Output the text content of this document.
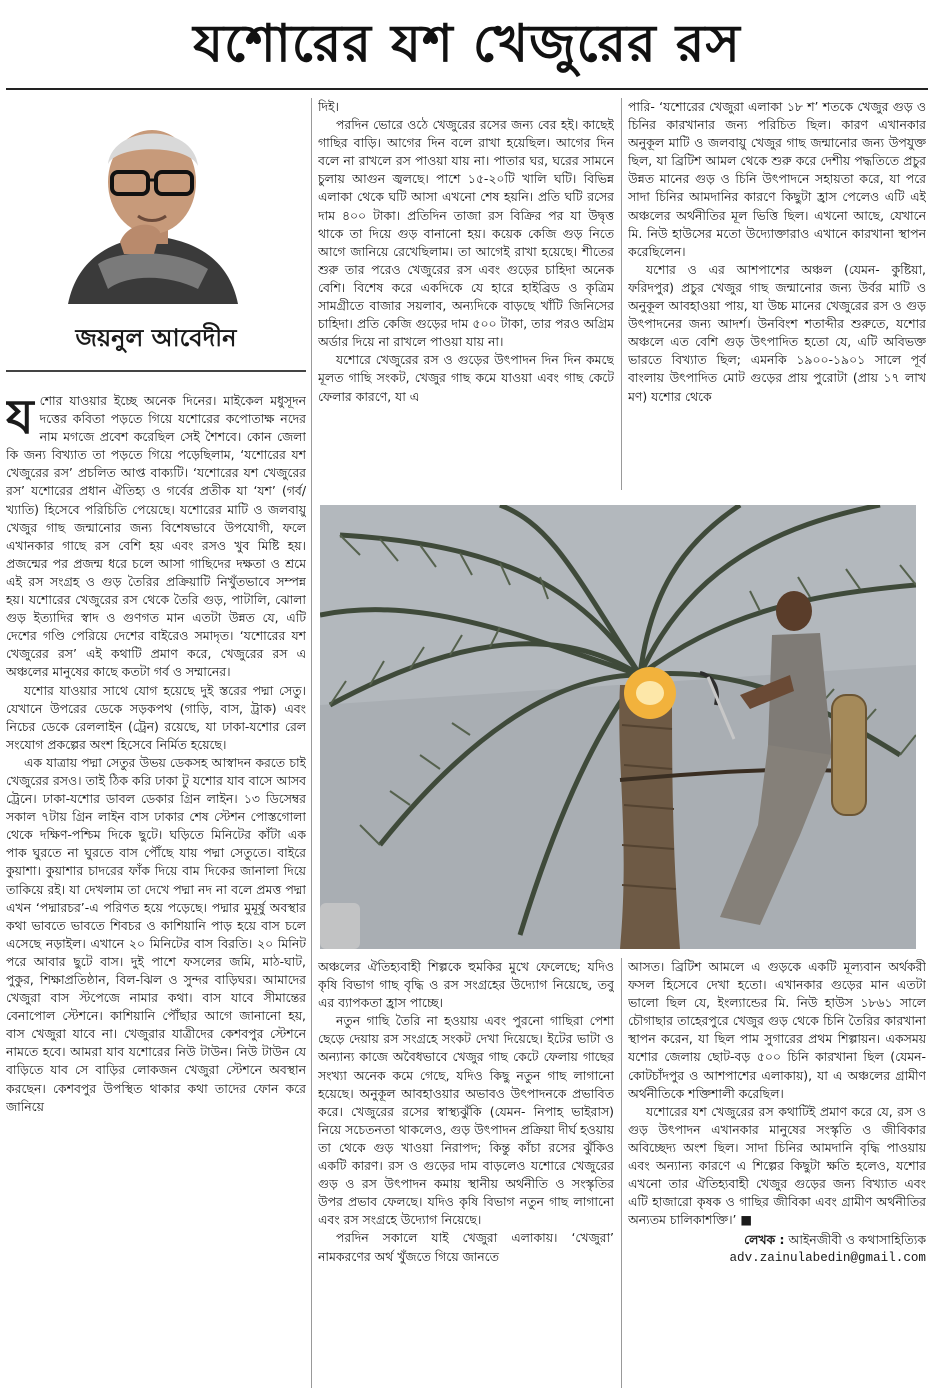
যশোরের যশ খেজুরের রস
জয়নুল আবেদীন

যশোর যাওয়ার ইচ্ছে অনেক দিনের। মাইকেল মধুসূদন দত্তের কবিতা পড়তে গিয়ে যশোরের কপোতাক্ষ নদের নাম মগজে প্রবেশ করেছিল সেই শৈশবে। কোন জেলা কি জন্য বিখ্যাত তা পড়তে গিয়ে পড়েছিলাম, ‘যশোরের যশ খেজুরের রস’ প্রচলিত আপ্ত বাক্যটি। ‘যশোরের যশ খেজুরের রস’ যশোরের প্রধান ঐতিহ্য ও গর্বের প্রতীক যা ‘যশ’ (গর্ব/খ্যাতি) হিসেবে পরিচিতি পেয়েছে। যশোরের মাটি ও জলবায়ু খেজুর গাছ জন্মানোর জন্য বিশেষভাবে উপযোগী, ফলে এখানকার গাছে রস বেশি হয় এবং রসও খুব মিষ্টি হয়। প্রজন্মের পর প্রজন্ম ধরে চলে আসা গাছিদের দক্ষতা ও শ্রমে এই রস সংগ্রহ ও গুড় তৈরির প্রক্রিয়াটি নিখুঁতভাবে সম্পন্ন হয়। যশোরের খেজুরের রস থেকে তৈরি গুড়, পাটালি, ঝোলা গুড় ইত্যাদির স্বাদ ও গুণগত মান এতটা উন্নত যে, এটি দেশের গণ্ডি পেরিয়ে দেশের বাইরেও সমাদৃত। ‘যশোরের যশ খেজুরের রস’ এই কথাটি প্রমাণ করে, খেজুরের রস এ অঞ্চলের মানুষের কাছে কতটা গর্ব ও সম্মানের।

যশোর যাওয়ার সাথে যোগ হয়েছে দুই স্তরের পদ্মা সেতু। যেখানে উপরের ডেকে সড়কপথ (গাড়ি, বাস, ট্রাক) এবং নিচের ডেকে রেললাইন (ট্রেন) রয়েছে, যা ঢাকা-যশোর রেল সংযোগ প্রকল্পের অংশ হিসেবে নির্মিত হয়েছে।

এক যাত্রায় পদ্মা সেতুর উভয় ডেকসহ আস্বাদন করতে চাই খেজুরের রসও। তাই ঠিক করি ঢাকা টু যশোর যাব বাসে আসব ট্রেনে। ঢাকা-যশোর ডাবল ডেকার গ্রিন লাইন। ১৩ ডিসেম্বর সকাল ৭টায় গ্রিন লাইন বাস ঢাকার শেষ স্টেশন পোস্তগোলা থেকে দক্ষিণ-পশ্চিম দিকে ছুটে। ঘড়িতে মিনিটের কাঁটা এক পাক ঘুরতে না ঘুরতে বাস পৌঁছে যায় পদ্মা সেতুতে। বাইরে কুয়াশা। কুয়াশার চাদরের ফাঁক দিয়ে বাম দিকের জানালা দিয়ে তাকিয়ে রই। যা দেখলাম তা দেখে পদ্মা নদ না বলে প্রমত্ত পদ্মা এখন ‘পদ্মারচর’-এ পরিণত হয়ে পড়েছে। পদ্মার মুমূর্ষু অবস্থার কথা ভাবতে ভাবতে শিবচর ও কাশিয়ানি পাড় হয়ে বাস চলে এসেছে নড়াইল। এখানে ২০ মিনিটের বাস বিরতি। ২০ মিনিট পরে আবার ছুটে বাস। দুই পাশে ফসলের জমি, মাঠ-ঘাট, পুকুর, শিক্ষাপ্রতিষ্ঠান, বিল-ঝিল ও সুন্দর বাড়িঘর। আমাদের খেজুরা বাস স্টপেজে নামার কথা। বাস যাবে সীমান্তের বেনাপোল স্টেশনে। কাশিয়ানি পৌঁছার আগে জানানো হয়, বাস খেজুরা যাবে না। খেজুরার যাত্রীদের কেশবপুর স্টেশনে নামতে হবে। আমরা যাব যশোরের নিউ টাউন। নিউ টাউন যে বাড়িতে যাব সে বাড়ির লোকজন খেজুরা স্টেশনে অবস্থান করছেন। কেশবপুর উপস্থিত থাকার কথা তাদের ফোন করে জানিয়ে

দিই।

পরদিন ভোরে ওঠে খেজুরের রসের জন্য বের হই। কাছেই গাছির বাড়ি। আগের দিন বলে রাখা হয়েছিল। আগের দিন বলে না রাখলে রস পাওয়া যায় না। পাতার ঘর, ঘরের সামনে চুলায় আগুন জ্বলছে। পাশে ১৫-২০টি খালি ঘটি। বিভিন্ন এলাকা থেকে ঘটি আসা এখনো শেষ হয়নি। প্রতি ঘটি রসের দাম ৪০০ টাকা। প্রতিদিন তাজা রস বিক্রির পর যা উদ্বৃত্ত থাকে তা দিয়ে গুড় বানানো হয়। কয়েক কেজি গুড় নিতে আগে জানিয়ে রেখেছিলাম। তা আগেই রাখা হয়েছে। শীতের শুরু তার পরেও খেজুরের রস এবং গুড়ের চাহিদা অনেক বেশি। বিশেষ করে একদিকে যে হারে হাইব্রিড ও কৃত্রিম সামগ্রীতে বাজার সয়লাব, অন্যদিকে বাড়ছে খাঁটি জিনিসের চাহিদা। প্রতি কেজি গুড়ের দাম ৫০০ টাকা, তার পরও অগ্রিম অর্ডার দিয়ে না রাখলে পাওয়া যায় না।

যশোরে খেজুরের রস ও গুড়ের উৎপাদন দিন দিন কমছে মূলত গাছি সংকট, খেজুর গাছ কমে যাওয়া এবং গাছ কেটে ফেলার কারণে, যা এ

পারি- ‘যশোরের খেজুরা এলাকা ১৮ শ’ শতকে খেজুর গুড় ও চিনির কারখানার জন্য পরিচিত ছিল। কারণ এখানকার অনুকূল মাটি ও জলবায়ু খেজুর গাছ জন্মানোর জন্য উপযুক্ত ছিল, যা ব্রিটিশ আমল থেকে শুরু করে দেশীয় পদ্ধতিতে প্রচুর উন্নত মানের গুড় ও চিনি উৎপাদনে সহায়তা করে, যা পরে সাদা চিনির আমদানির কারণে কিছুটা হ্রাস পেলেও এটি এই অঞ্চলের অর্থনীতির মূল ভিত্তি ছিল। এখনো আছে, যেখানে মি. নিউ হাউসের মতো উদ্যোক্তারাও এখানে কারখানা স্থাপন করেছিলেন।

যশোর ও এর আশপাশের অঞ্চল (যেমন- কুষ্টিয়া, ফরিদপুর) প্রচুর খেজুর গাছ জন্মানোর জন্য উর্বর মাটি ও অনুকূল আবহাওয়া পায়, যা উচ্চ মানের খেজুরের রস ও গুড় উৎপাদনের জন্য আদর্শ। উনবিংশ শতাব্দীর শুরুতে, যশোর অঞ্চলে এত বেশি গুড় উৎপাদিত হতো যে, এটি অবিভক্ত ভারতে বিখ্যাত ছিল; এমনকি ১৯০০-১৯০১ সালে পূর্ব বাংলায় উৎপাদিত মোট গুড়ের প্রায় পুরোটা (প্রায় ১৭ লাখ মণ) যশোর থেকে

অঞ্চলের ঐতিহ্যবাহী শিল্পকে হুমকির মুখে ফেলেছে; যদিও কৃষি বিভাগ গাছ বৃদ্ধি ও রস সংগ্রহের উদ্যোগ নিয়েছে, তবু এর ব্যাপকতা হ্রাস পাচ্ছে।

নতুন গাছি তৈরি না হওয়ায় এবং পুরনো গাছিরা পেশা ছেড়ে দেয়ায় রস সংগ্রহে সংকট দেখা দিয়েছে। ইটের ভাটা ও অন্যান্য কাজে অবৈধভাবে খেজুর গাছ কেটে ফেলায় গাছের সংখ্যা অনেক কমে গেছে, যদিও কিছু নতুন গাছ লাগানো হয়েছে। অনুকূল আবহাওয়ার অভাবও উৎপাদনকে প্রভাবিত করে। খেজুরের রসের স্বাস্থ্যঝুঁকি (যেমন- নিপাহ ভাইরাস) নিয়ে সচেতনতা থাকলেও, গুড় উৎপাদন প্রক্রিয়া দীর্ঘ হওয়ায় তা থেকে গুড় খাওয়া নিরাপদ; কিন্তু কাঁচা রসের ঝুঁকিও একটি কারণ। রস ও গুড়ের দাম বাড়লেও যশোরে খেজুরের গুড় ও রস উৎপাদন কমায় স্থানীয় অর্থনীতি ও সংস্কৃতির উপর প্রভাব ফেলছে। যদিও কৃষি বিভাগ নতুন গাছ লাগানো এবং রস সংগ্রহে উদ্যোগ নিয়েছে।

পরদিন সকালে যাই খেজুরা এলাকায়। ‘খেজুরা’ নামকরণের অর্থ খুঁজতে গিয়ে জানতে

আসত। ব্রিটিশ আমলে এ গুড়কে একটি মূল্যবান অর্থকরী ফসল হিসেবে দেখা হতো। এখানকার গুড়ের মান এতটা ভালো ছিল যে, ইংল্যান্ডের মি. নিউ হাউস ১৮৬১ সালে চৌগাছার তাহেরপুরে খেজুর গুড় থেকে চিনি তৈরির কারখানা স্থাপন করেন, যা ছিল পাম সুগারের প্রথম শিল্পায়ন। একসময় যশোর জেলায় ছোট-বড় ৫০০ চিনি কারখানা ছিল (যেমন- কোটচাঁদপুর ও আশপাশের এলাকায়), যা এ অঞ্চলের গ্রামীণ অর্থনীতিকে শক্তিশালী করেছিল।

যশোরের যশ খেজুরের রস কথাটিই প্রমাণ করে যে, রস ও গুড় উৎপাদন এখানকার মানুষের সংস্কৃতি ও জীবিকার অবিচ্ছেদ্য অংশ ছিল। সাদা চিনির আমদানি বৃদ্ধি পাওয়ায় এবং অন্যান্য কারণে এ শিল্পের কিছুটা ক্ষতি হলেও, যশোর এখনো তার ঐতিহ্যবাহী খেজুর গুড়ের জন্য বিখ্যাত এবং এটি হাজারো কৃষক ও গাছির জীবিকা এবং গ্রামীণ অর্থনীতির অন্যতম চালিকাশক্তি।’ ■

লেখক : আইনজীবী ও কথাসাহিত্যিক
adv.zainulabedin@gmail.com
